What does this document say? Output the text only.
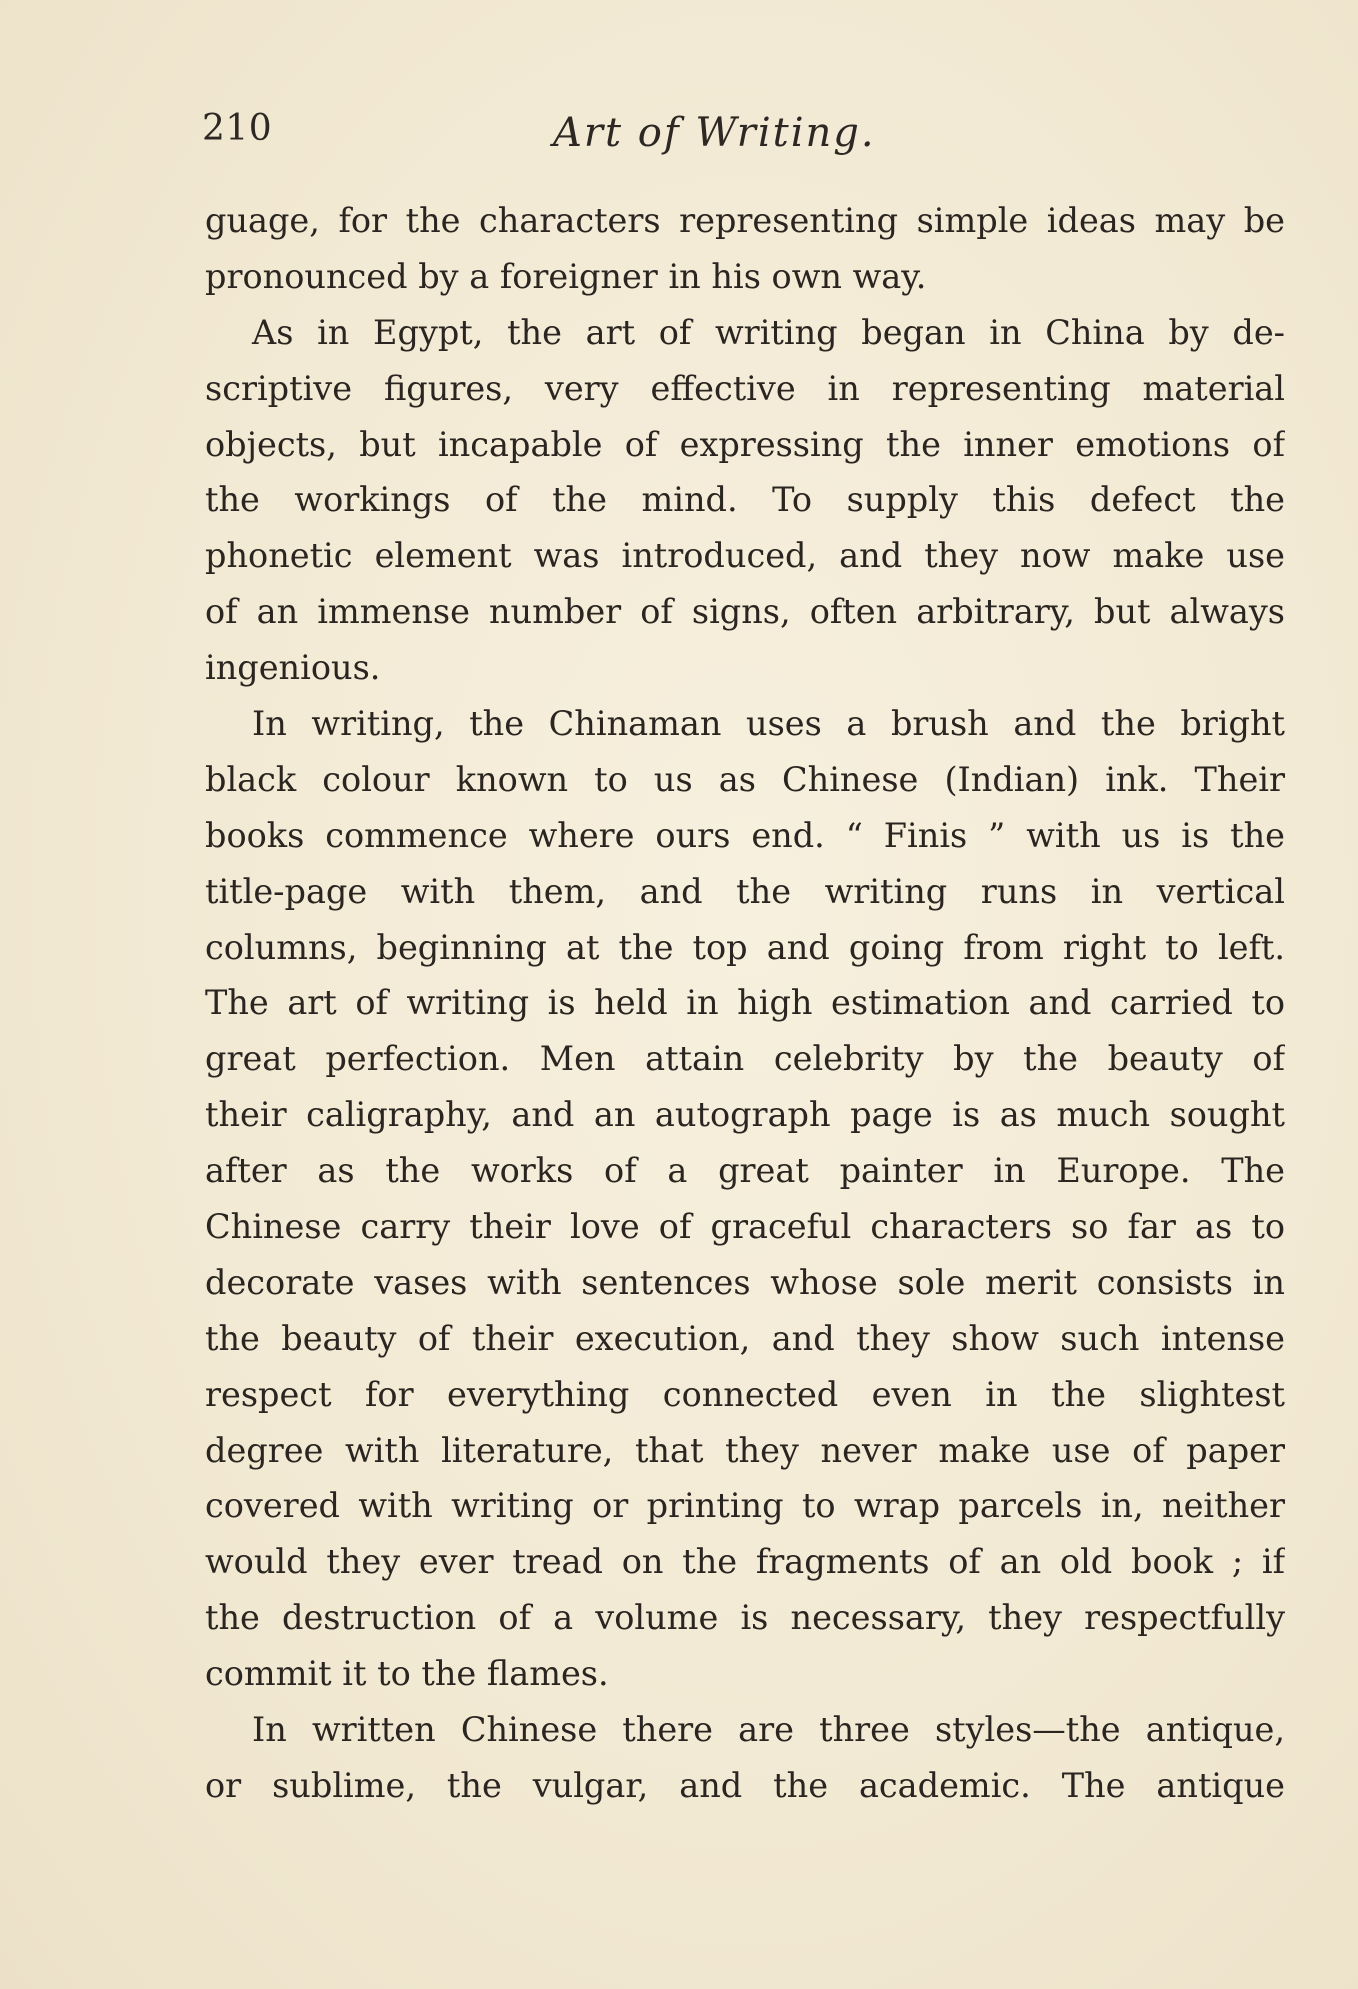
210	Art of Writing.
guage, for the characters representing simple ideas may be
pronounced by a foreigner in his own way.
As in Egypt, the art of writing began in China by de-
scriptive figures, very effective in representing material
objects, but incapable of expressing the inner emotions of
the workings of the mind. To supply this defect the
phonetic element was introduced, and they now make use
of an immense number of signs, often arbitrary, but always
ingenious.
In writing, the Chinaman uses a brush and the bright
black colour known to us as Chinese (Indian) ink. Their
books commence where ours end. “ Finis ” with us is the
title-page with them, and the writing runs in vertical
columns, beginning at the top and going from right to left.
The art of writing is held in high estimation and carried to
great perfection. Men attain celebrity by the beauty of
their caligraphy, and an autograph page is as much sought
after as the works of a great painter in Europe. The
Chinese carry their love of graceful characters so far as to
decorate vases with sentences whose sole merit consists in
the beauty of their execution, and they show such intense
respect for everything connected even in the slightest
degree with literature, that they never make use of paper
covered with writing or printing to wrap parcels in, neither
would they ever tread on the fragments of an old book ; if
the destruction of a volume is necessary, they respectfully
commit it to the flames.
In written Chinese there are three styles—the antique,
or sublime, the vulgar, and the academic. The antique
